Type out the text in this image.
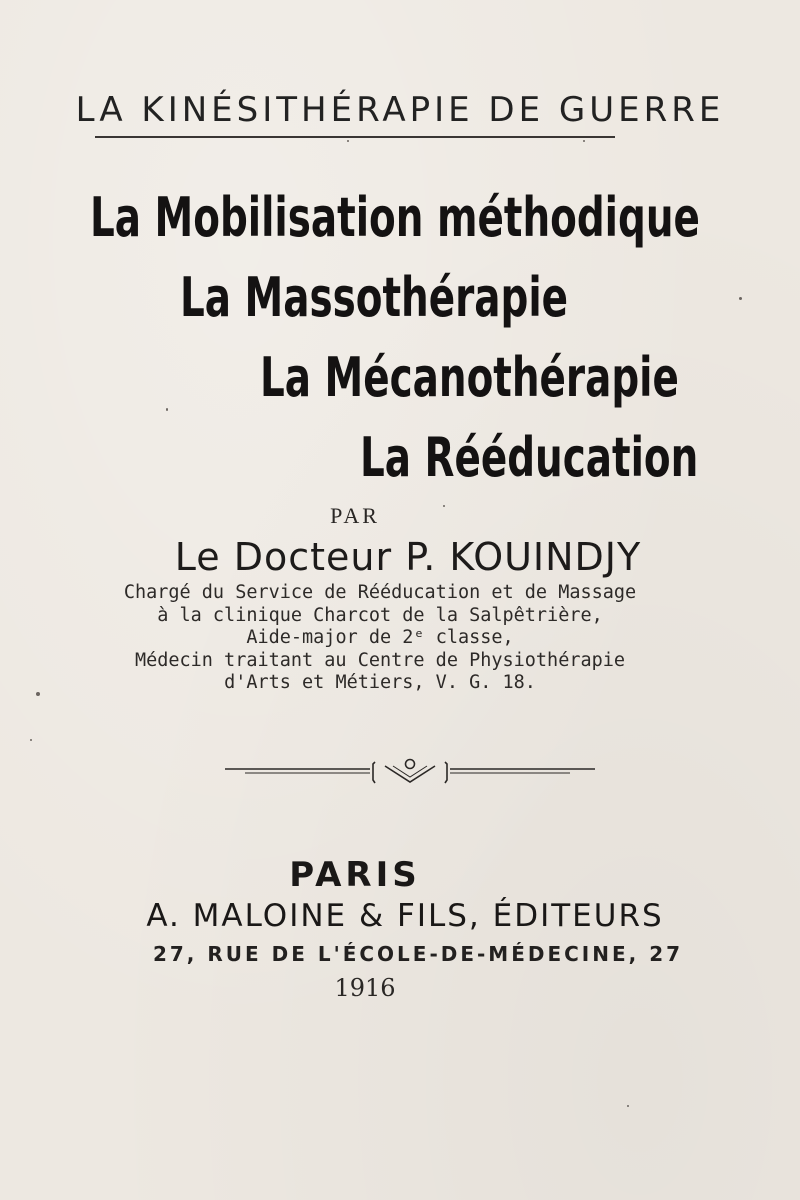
LA KINÉSITHÉRAPIE DE GUERRE
La Mobilisation méthodique
La Massothérapie
La Mécanothérapie
La Rééducation
PAR
Le Docteur P. KOUINDJY
Chargé du Service de Rééducation et de Massage
à la clinique Charcot de la Salpêtrière,
Aide-major de 2ᵉ classe,
Médecin traitant au Centre de Physiothérapie
d'Arts et Métiers, V. G. 18.
PARIS
A. MALOINE & FILS, ÉDITEURS
27, RUE DE L'ÉCOLE-DE-MÉDECINE, 27
1916
